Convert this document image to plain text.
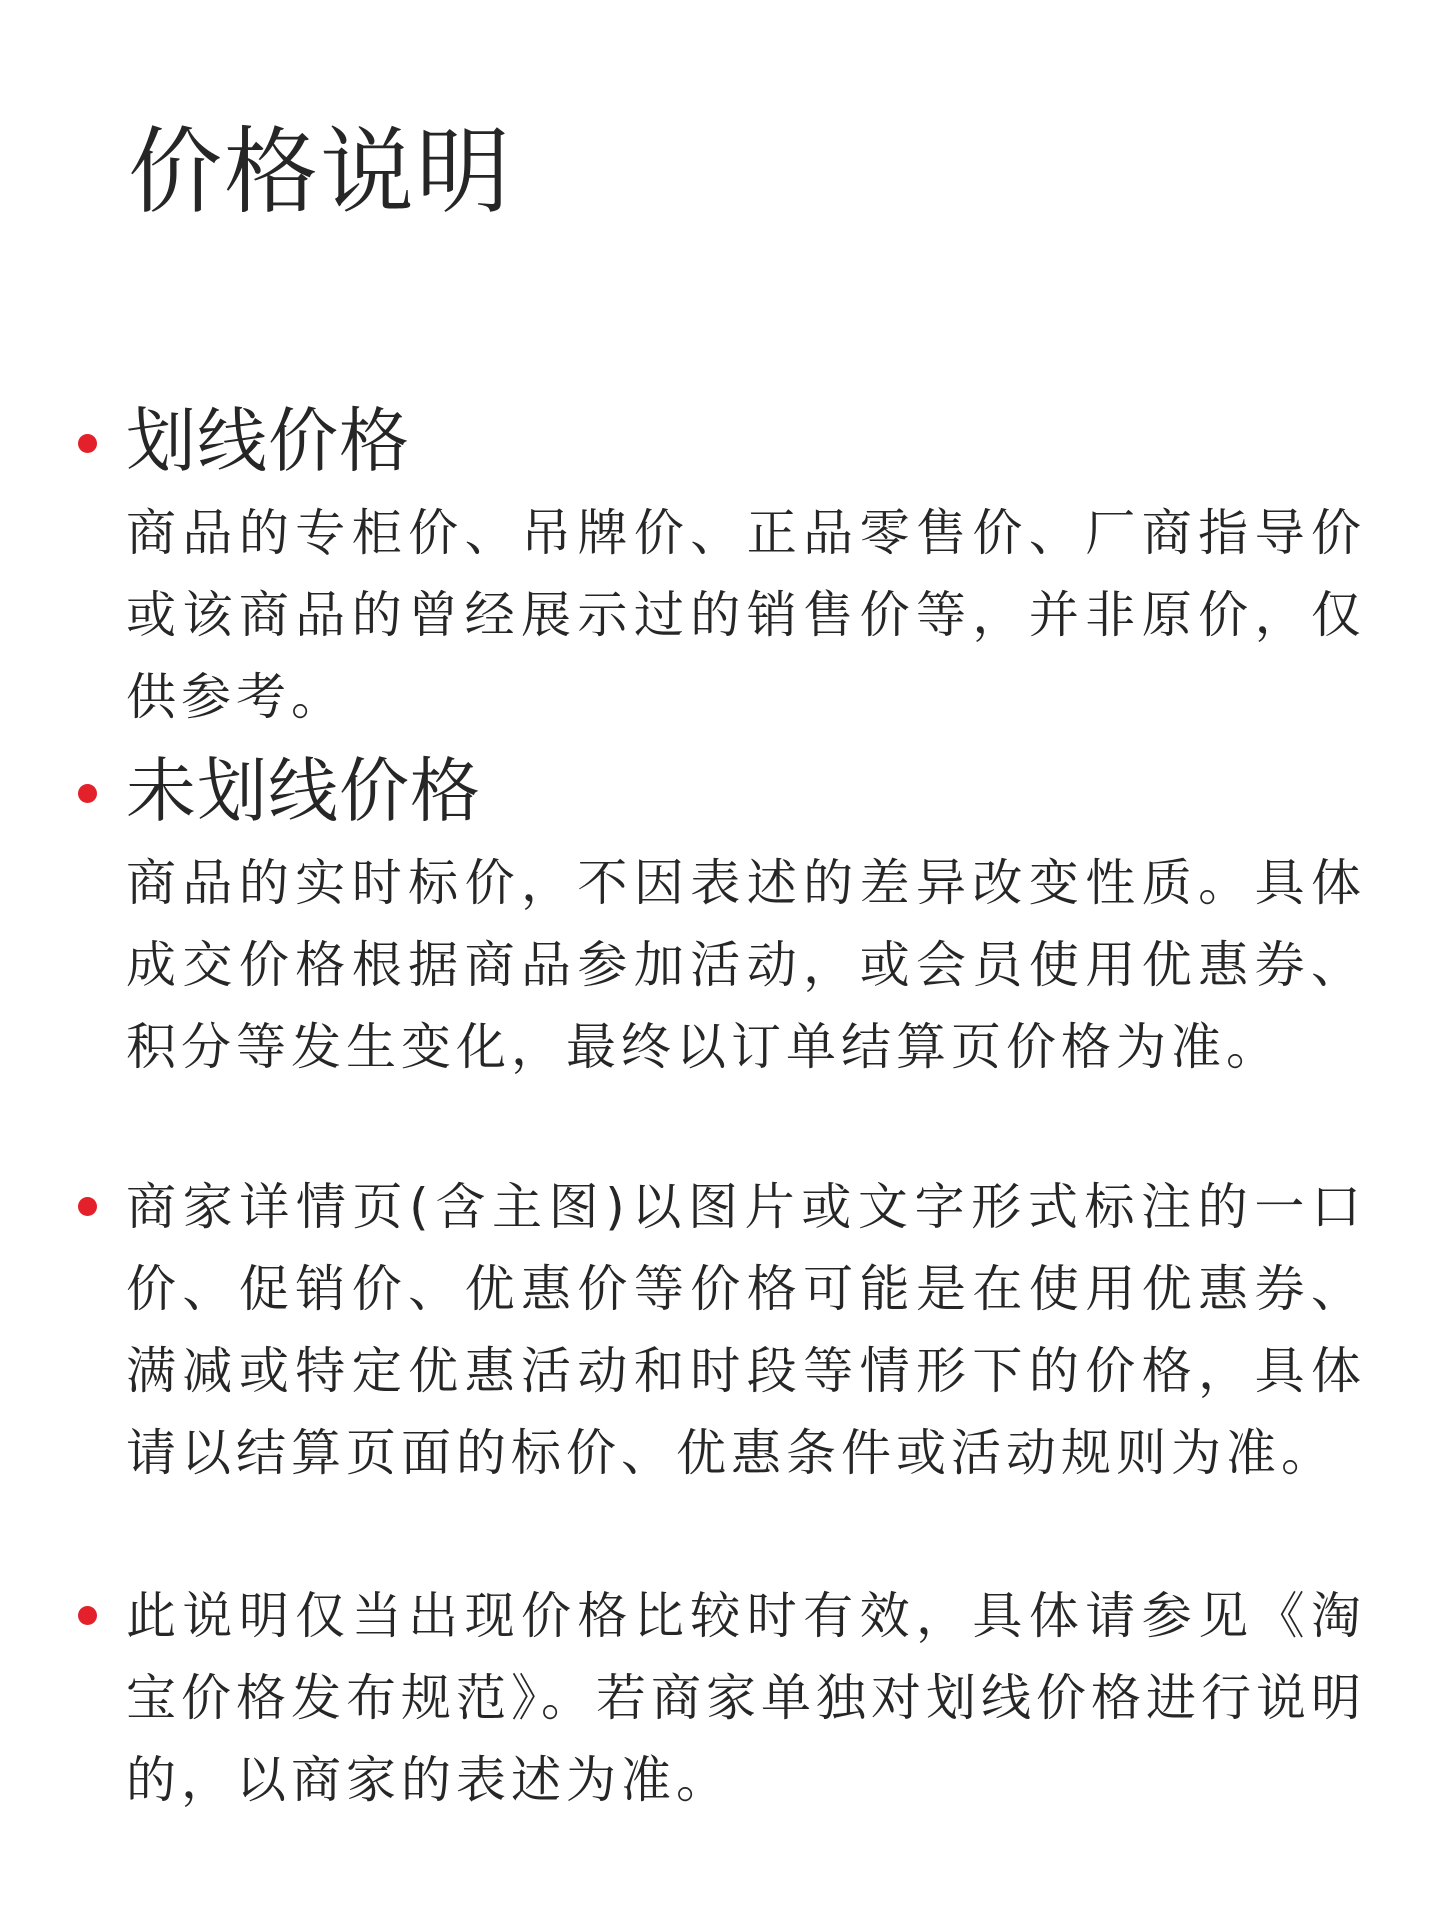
价格说明
划线价格

商品的专柜价、吊牌价、正品零售价、厂商指导价或该商品的曾经展示过的销售价等，并非原价，仅供参考。

未划线价格

商品的实时标价，不因表述的差异改变性质。具体成交价格根据商品参加活动，或会员使用优惠券、积分等发生变化，最终以订单结算页价格为准。

商家详情页(含主图)以图片或文字形式标注的一口价、促销价、优惠价等价格可能是在使用优惠券、满减或特定优惠活动和时段等情形下的价格，具体请以结算页面的标价、优惠条件或活动规则为准。

此说明仅当出现价格比较时有效，具体请参见《淘宝价格发布规范》。若商家单独对划线价格进行说明的，以商家的表述为准。
